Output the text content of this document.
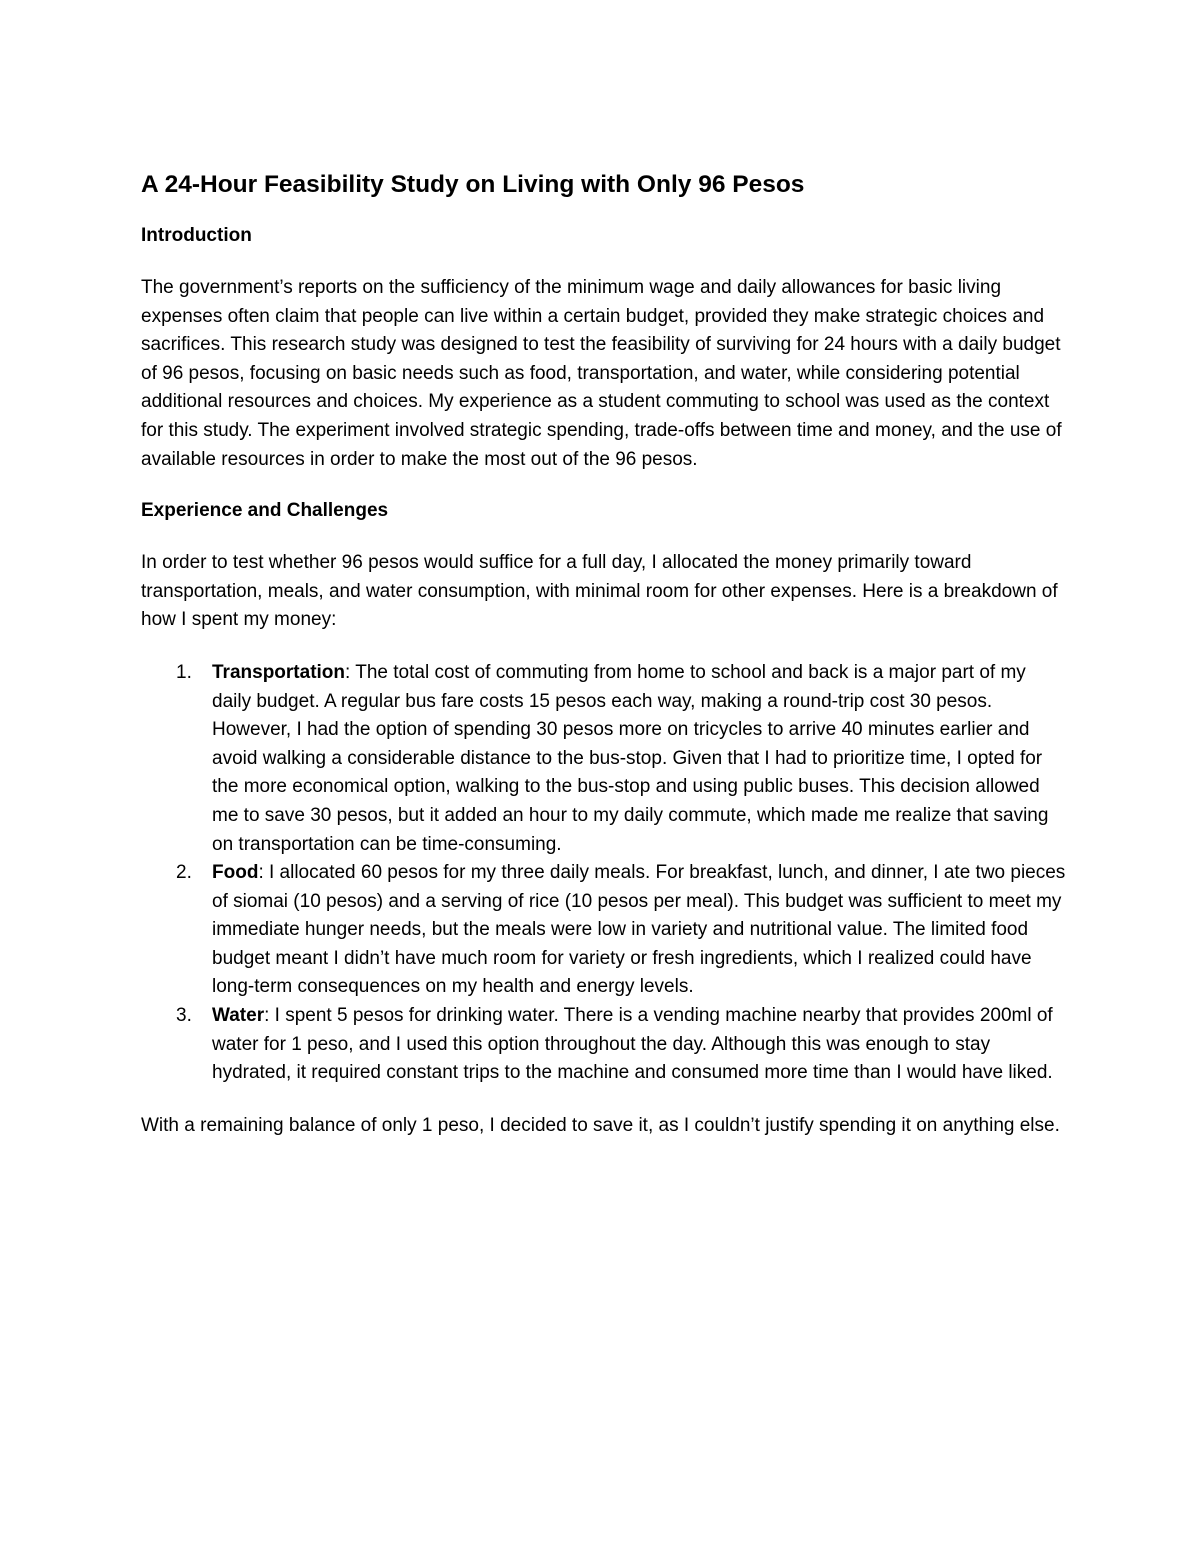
A 24-Hour Feasibility Study on Living with Only 96 Pesos
Introduction

The government’s reports on the sufficiency of the minimum wage and daily allowances for basic living expenses often claim that people can live within a certain budget, provided they make strategic choices and sacrifices. This research study was designed to test the feasibility of surviving for 24 hours with a daily budget of 96 pesos, focusing on basic needs such as food, transportation, and water, while considering potential additional resources and choices. My experience as a student commuting to school was used as the context for this study. The experiment involved strategic spending, trade-offs between time and money, and the use of available resources in order to make the most out of the 96 pesos.

Experience and Challenges

In order to test whether 96 pesos would suffice for a full day, I allocated the money primarily toward transportation, meals, and water consumption, with minimal room for other expenses. Here is a breakdown of how I spent my money:

1. Transportation: The total cost of commuting from home to school and back is a major part of my daily budget. A regular bus fare costs 15 pesos each way, making a round-trip cost 30 pesos. However, I had the option of spending 30 pesos more on tricycles to arrive 40 minutes earlier and avoid walking a considerable distance to the bus-stop. Given that I had to prioritize time, I opted for the more economical option, walking to the bus-stop and using public buses. This decision allowed me to save 30 pesos, but it added an hour to my daily commute, which made me realize that saving on transportation can be time-consuming.
2. Food: I allocated 60 pesos for my three daily meals. For breakfast, lunch, and dinner, I ate two pieces of siomai (10 pesos) and a serving of rice (10 pesos per meal). This budget was sufficient to meet my immediate hunger needs, but the meals were low in variety and nutritional value. The limited food budget meant I didn’t have much room for variety or fresh ingredients, which I realized could have long-term consequences on my health and energy levels.
3. Water: I spent 5 pesos for drinking water. There is a vending machine nearby that provides 200ml of water for 1 peso, and I used this option throughout the day. Although this was enough to stay hydrated, it required constant trips to the machine and consumed more time than I would have liked.

With a remaining balance of only 1 peso, I decided to save it, as I couldn’t justify spending it on anything else.
